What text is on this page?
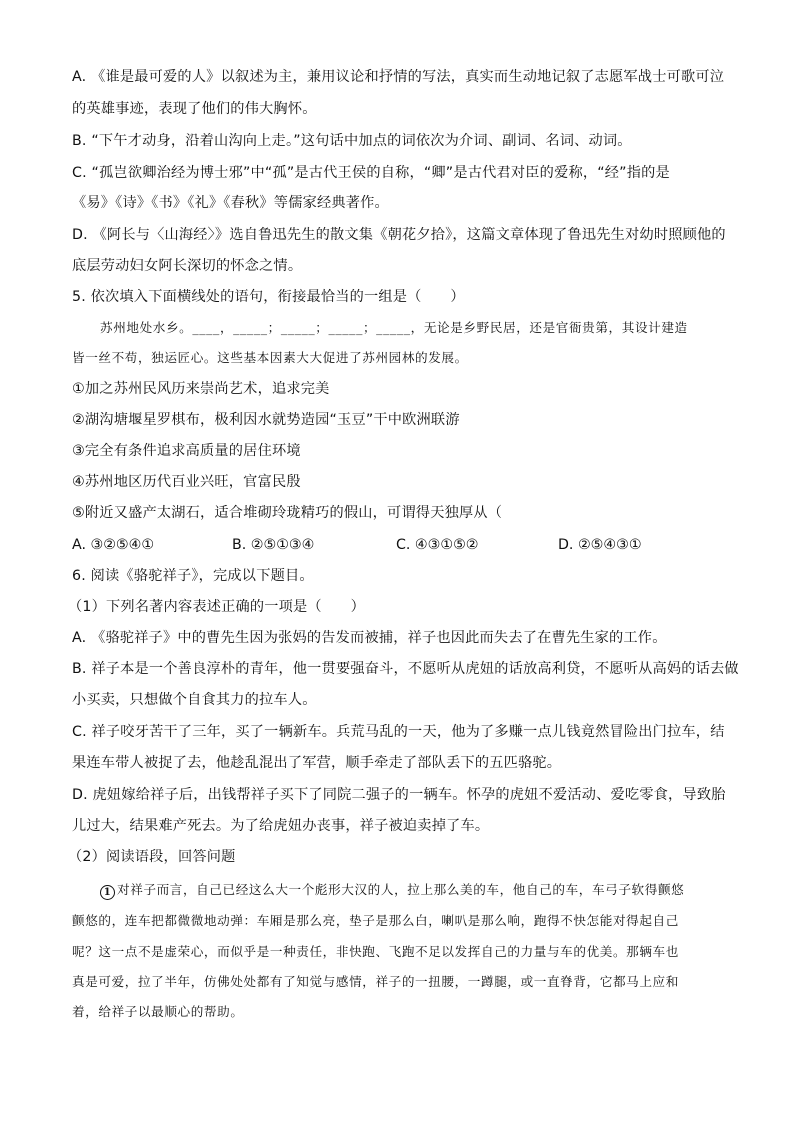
A. 《谁是最可爱的人》以叙述为主，兼用议论和抒情的写法，真实而生动地记叙了志愿军战士可歌可泣
的英雄事迹，表现了他们的伟大胸怀。
B. “下午才动身，沿着山沟向上走。”这句话中加点的词依次为介词、副词、名词、动词。
C. “孤岂欲卿治经为博士邪”中“孤”是古代王侯的自称，“卿”是古代君对臣的爱称，“经”指的是
《易》《诗》《书》《礼》《春秋》等儒家经典著作。
D. 《阿长与〈山海经〉》选自鲁迅先生的散文集《朝花夕拾》，这篇文章体现了鲁迅先生对幼时照顾他的
底层劳动妇女阿长深切的怀念之情。
5. 依次填入下面横线处的语句，衔接最恰当的一组是（　　）
苏州地处水乡。____，_____；_____；_____；_____，无论是乡野民居，还是官衙贵第，其设计建造
皆一丝不苟，独运匠心。这些基本因素大大促进了苏州园林的发展。
①加之苏州民风历来崇尚艺术，追求完美
②湖沟塘堰星罗棋布，极利因水就势造园“玉豆”干中欧洲联游
③完全有条件追求高质量的居住环境
④苏州地区历代百业兴旺，官富民殷
⑤附近又盛产太湖石，适合堆砌玲珑精巧的假山，可谓得天独厚从（
A. ③②⑤④①	B. ②⑤①③④	C. ④③①⑤②	D. ②⑤④③①
6. 阅读《骆驼祥子》，完成以下题目。
（1）下列名著内容表述正确的一项是（　　）
A. 《骆驼祥子》中的曹先生因为张妈的告发而被捕，祥子也因此而失去了在曹先生家的工作。
B. 祥子本是一个善良淳朴的青年，他一贯要强奋斗，不愿听从虎妞的话放高利贷，不愿听从高妈的话去做
小买卖，只想做个自食其力的拉车人。
C. 祥子咬牙苦干了三年，买了一辆新车。兵荒马乱的一天，他为了多赚一点儿钱竟然冒险出门拉车，结
果连车带人被捉了去，他趁乱混出了军营，顺手牵走了部队丢下的五匹骆驼。
D. 虎妞嫁给祥子后，出钱帮祥子买下了同院二强子的一辆车。怀孕的虎妞不爱活动、爱吃零食，导致胎
儿过大，结果难产死去。为了给虎妞办丧事，祥子被迫卖掉了车。
（2）阅读语段，回答问题
1 对祥子而言，自己已经这么大一个彪形大汉的人，拉上那么美的车，他自己的车，车弓子软得颤悠
颤悠的，连车把都微微地动弹：车厢是那么亮，垫子是那么白，喇叭是那么响，跑得不快怎能对得起自己
呢？这一点不是虚荣心，而似乎是一种责任，非快跑、飞跑不足以发挥自己的力量与车的优美。那辆车也
真是可爱，拉了半年，仿佛处处都有了知觉与感情，祥子的一扭腰，一蹲腿，或一直脊背，它都马上应和
着，给祥子以最顺心的帮助。
